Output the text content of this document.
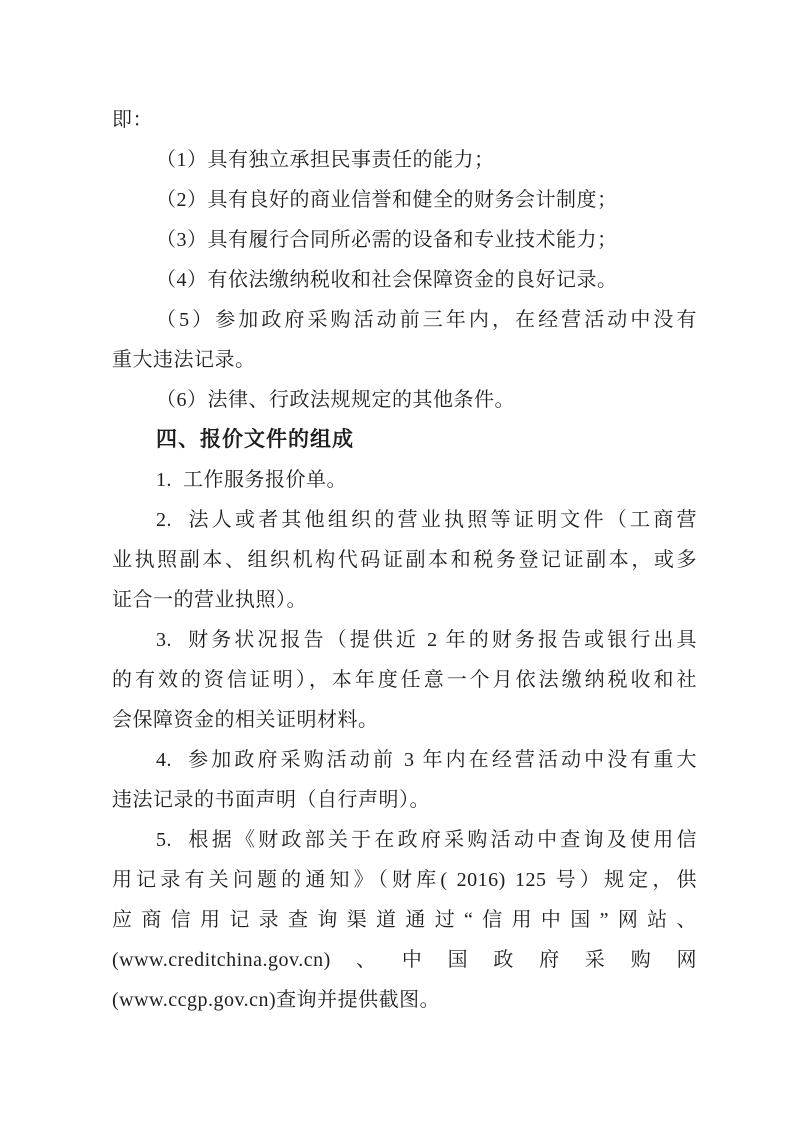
即：
（1）具有独立承担民事责任的能力；
（2）具有良好的商业信誉和健全的财务会计制度；
（3）具有履行合同所必需的设备和专业技术能力；
（4）有依法缴纳税收和社会保障资金的良好记录。
（5）参加政府采购活动前三年内，在经营活动中没有
重大违法记录。
（6）法律、行政法规规定的其他条件。
四、报价文件的组成
1.  工作服务报价单。
2.  法人或者其他组织的营业执照等证明文件（工商营
业执照副本、组织机构代码证副本和税务登记证副本，或多
证合一的营业执照）。
3.  财务状况报告（提供近 2 年的财务报告或银行出具
的有效的资信证明），本年度任意一个月依法缴纳税收和社
会保障资金的相关证明材料。
4.  参加政府采购活动前 3 年内在经营活动中没有重大
违法记录的书面声明（自行声明）。
5.  根据《财政部关于在政府采购活动中查询及使用信
用记录有关问题的通知》（财库( 2016) 125 号）规定，供
应商信用记录查询渠道通过“信用中国”网站、
(www.creditchina.gov.cn)、中国政府采购网
(www.ccgp.gov.cn)查询并提供截图。
